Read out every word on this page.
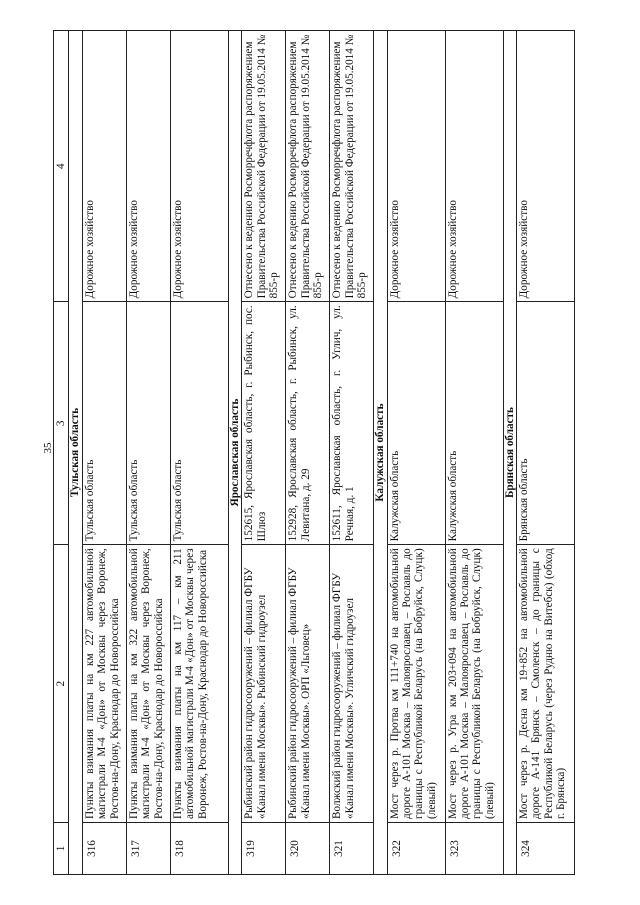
35
1	2	3	4
Тульская область			
316	Пункты взимания платы на км 227 автомобильной магистрали М-4 «Дон» от Москвы через Воронеж, Ростов-на-Дону, Краснодар до Новороссийска	Тульская область	Дорожное хозяйство
317	Пункты взимания платы на км 322 автомобильной магистрали М-4 «Дон» от Москвы через Воронеж, Ростов-на-Дону, Краснодар до Новороссийска	Тульская область	Дорожное хозяйство
318	Пункты взимания платы на км 117 – км 211 автомобильной магистрали М-4 «Дон» от Москвы через Воронеж, Ростов-на-Дону, Краснодар до Новороссийска	Тульская область	Дорожное хозяйство
Ярославская область			
319	Рыбинский район гидросооружений – филиал ФГБУ «Канал имени Москвы». Рыбинский гидроузел	152615, Ярославская область, г. Рыбинск, пос. Шлюз	Отнесено к ведению Росморречфлота распоряжением Правительства Российской Федерации от 19.05.2014 № 855-р
320	Рыбинский район гидросооружений – филиал ФГБУ «Канал имени Москвы». ОРП «Льговец»	152928, Ярославская область, г. Рыбинск, ул. Левитана, д. 29	Отнесено к ведению Росморречфлота распоряжением Правительства Российской Федерации от 19.05.2014 № 855-р
321	Волжский район гидросооружений – филиал ФГБУ «Канал имени Москвы». Угличский гидроузел	152611, Ярославская область, г. Углич, ул. Речная, д. 1	Отнесено к ведению Росморречфлота распоряжением Правительства Российской Федерации от 19.05.2014 № 855-р
Калужская область			
322	Мост через р. Протва км 111+740 на автомобильной дороге А-101 Москва – Малоярославец – Рославль до границы с Республикой Беларусь (на Бобруйск, Слуцк) (левый)	Калужская область	Дорожное хозяйство
323	Мост через р. Угра км 203+094 на автомобильной дороге А-101 Москва – Малоярославец – Рославль до границы с Республикой Беларусь (на Бобруйск, Слуцк) (левый)	Калужская область	Дорожное хозяйство
Брянская область			
324	Мост через р. Десна км 19+852 на автомобильной дороге А-141 Брянск – Смоленск – до границы с Республикой Беларусь (через Рудню на Витебск) (обход г. Брянска)	Брянская область	Дорожное хозяйство
